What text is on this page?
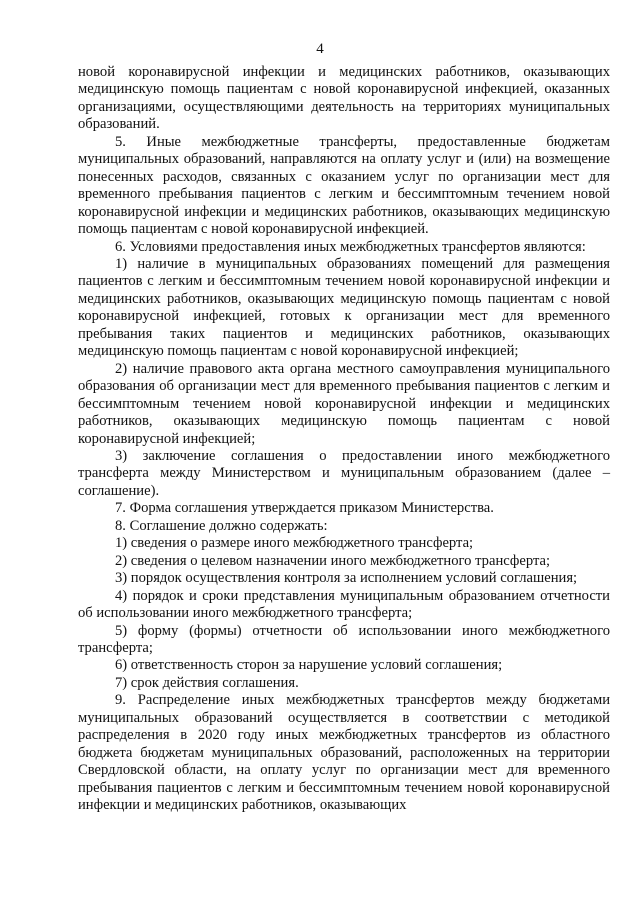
4

новой коронавирусной инфекции и медицинских работников, оказывающих медицинскую помощь пациентам с новой коронавирусной инфекцией, оказанных организациями, осуществляющими деятельность на территориях муниципальных образований.

5. Иные межбюджетные трансферты, предоставленные бюджетам муниципальных образований, направляются на оплату услуг и (или) на возмещение понесенных расходов, связанных с оказанием услуг по организации мест для временного пребывания пациентов с легким и бессимптомным течением новой коронавирусной инфекции и медицинских работников, оказывающих медицинскую помощь пациентам с новой коронавирусной инфекцией.

6. Условиями предоставления иных межбюджетных трансфертов являются:

1) наличие в муниципальных образованиях помещений для размещения пациентов с легким и бессимптомным течением новой коронавирусной инфекции и медицинских работников, оказывающих медицинскую помощь пациентам с новой коронавирусной инфекцией, готовых к организации мест для временного пребывания таких пациентов и медицинских работников, оказывающих медицинскую помощь пациентам с новой коронавирусной инфекцией;

2) наличие правового акта органа местного самоуправления муниципального образования об организации мест для временного пребывания пациентов с легким и бессимптомным течением новой коронавирусной инфекции и медицинских работников, оказывающих медицинскую помощь пациентам с новой коронавирусной инфекцией;

3) заключение соглашения о предоставлении иного межбюджетного трансферта между Министерством и муниципальным образованием (далее – соглашение).

7. Форма соглашения утверждается приказом Министерства.

8. Соглашение должно содержать:

1) сведения о размере иного межбюджетного трансферта;

2) сведения о целевом назначении иного межбюджетного трансферта;

3) порядок осуществления контроля за исполнением условий соглашения;

4) порядок и сроки представления муниципальным образованием отчетности об использовании иного межбюджетного трансферта;

5) форму (формы) отчетности об использовании иного межбюджетного трансферта;

6) ответственность сторон за нарушение условий соглашения;

7) срок действия соглашения.

9. Распределение иных межбюджетных трансфертов между бюджетами муниципальных образований осуществляется в соответствии с методикой распределения в 2020 году иных межбюджетных трансфертов из областного бюджета бюджетам муниципальных образований, расположенных на территории Свердловской области, на оплату услуг по организации мест для временного пребывания пациентов с легким и бессимптомным течением новой коронавирусной инфекции и медицинских работников, оказывающих
